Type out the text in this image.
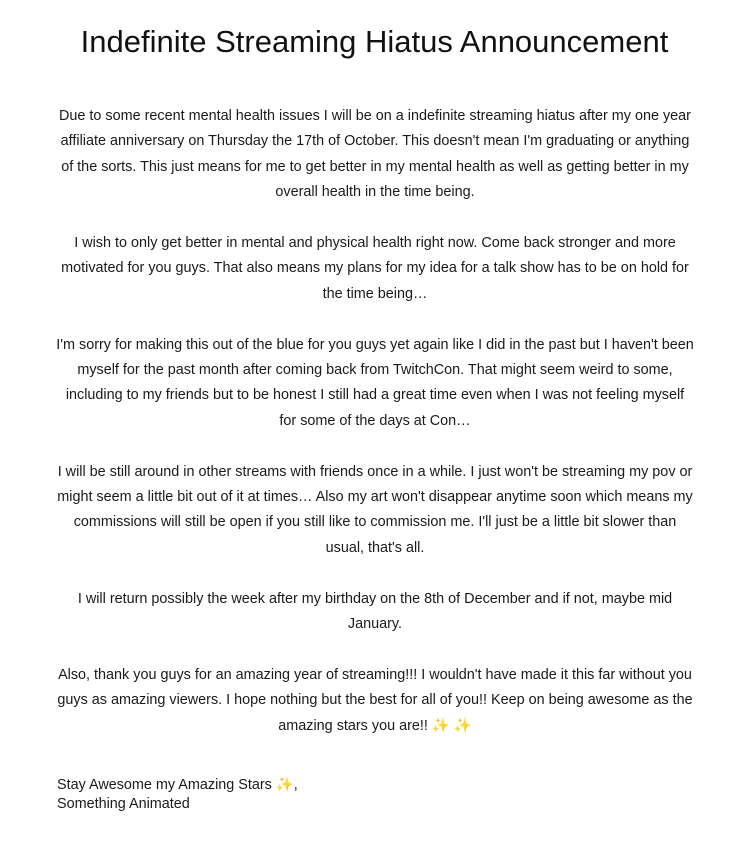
Indefinite Streaming Hiatus Announcement

Due to some recent mental health issues I will be on a indefinite streaming hiatus after my one year affiliate anniversary on Thursday the 17th of October. This doesn't mean I'm graduating or anything of the sorts. This just means for me to get better in my mental health as well as getting better in my overall health in the time being.

I wish to only get better in mental and physical health right now. Come back stronger and more motivated for you guys. That also means my plans for my idea for a talk show has to be on hold for the time being…

I'm sorry for making this out of the blue for you guys yet again like I did in the past but I haven't been myself for the past month after coming back from TwitchCon. That might seem weird to some, including to my friends but to be honest I still had a great time even when I was not feeling myself for some of the days at Con…

I will be still around in other streams with friends once in a while. I just won't be streaming my pov or might seem a little bit out of it at times… Also my art won't disappear anytime soon which means my commissions will still be open if you still like to commission me. I'll just be a little bit slower than usual, that's all.

I will return possibly the week after my birthday on the 8th of December and if not, maybe mid January.

Also, thank you guys for an amazing year of streaming!!! I wouldn't have made it this far without you guys as amazing viewers. I hope nothing but the best for all of you!! Keep on being awesome as the amazing stars you are!! ✨ ✨

Stay Awesome my Amazing Stars ✨,
Something Animated
